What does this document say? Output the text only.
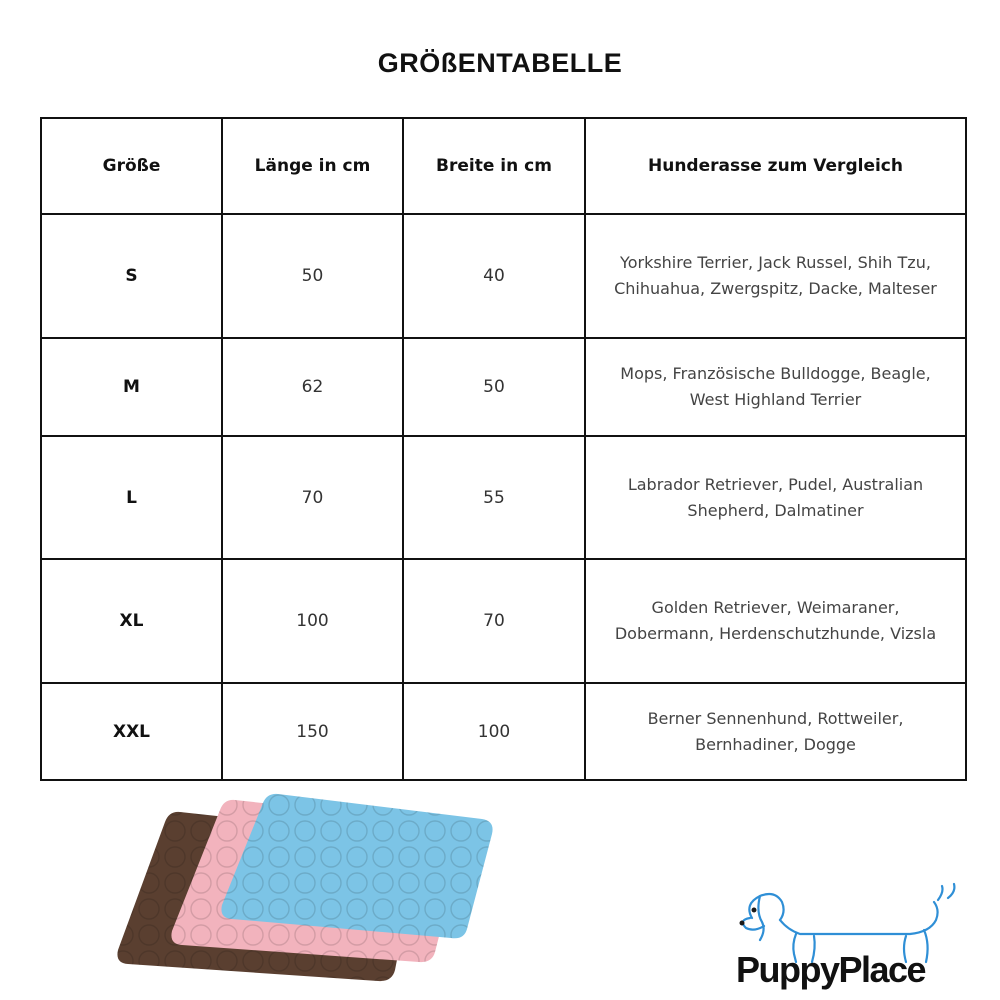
GRÖßENTABELLE
Größe	Länge in cm	Breite in cm	Hunderasse zum Vergleich
S	50	40	Yorkshire Terrier, Jack Russel, Shih Tzu, Chihuahua, Zwergspitz, Dacke, Malteser
M	62	50	Mops, Französische Bulldogge, Beagle, West Highland Terrier
L	70	55	Labrador Retriever, Pudel, Australian Shepherd, Dalmatiner
XL	100	70	Golden Retriever, Weimaraner, Dobermann, Herdenschutzhunde, Vizsla
XXL	150	100	Berner Sennenhund, Rottweiler, Bernhadiner, Dogge
PuppyPlace
